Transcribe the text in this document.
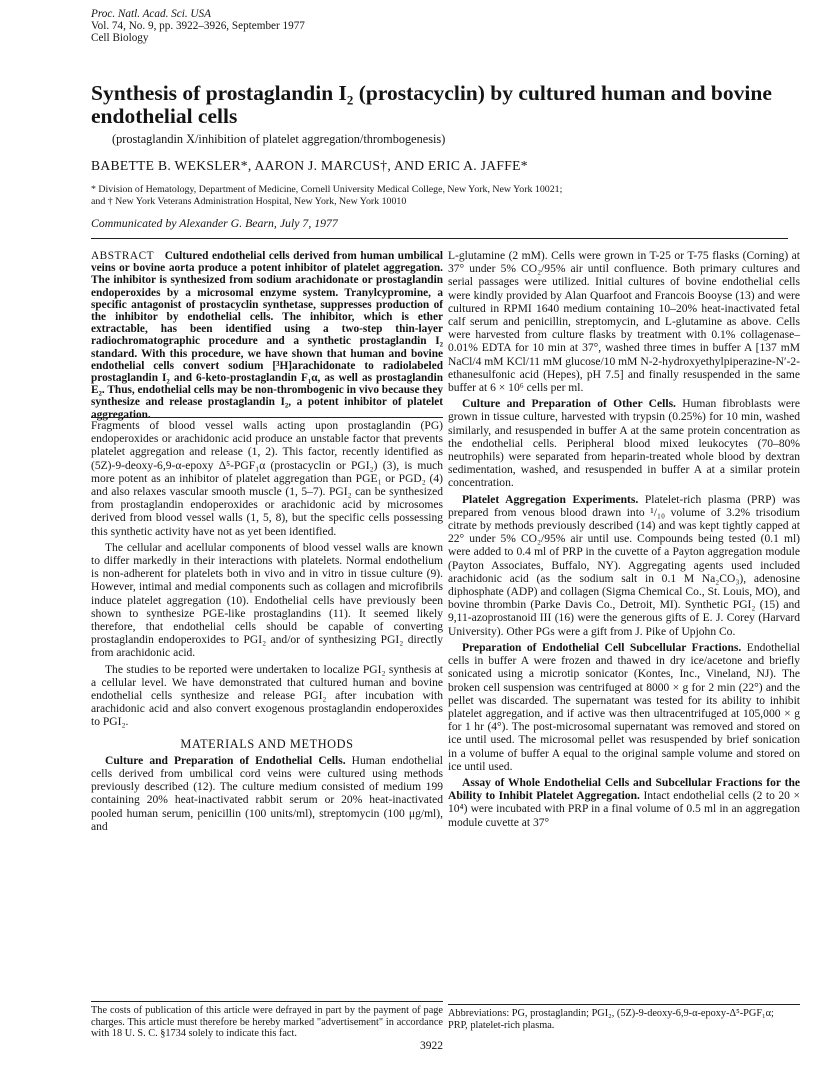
Proc. Natl. Acad. Sci. USA
Vol. 74, No. 9, pp. 3922–3926, September 1977
Cell Biology
Synthesis of prostaglandin I₂ (prostacyclin) by cultured human and bovine endothelial cells
(prostaglandin X/inhibition of platelet aggregation/thrombogenesis)
BABETTE B. WEKSLER*, AARON J. MARCUS†, AND ERIC A. JAFFE*
* Division of Hematology, Department of Medicine, Cornell University Medical College, New York, New York 10021;
and † New York Veterans Administration Hospital, New York, New York 10010
Communicated by Alexander G. Bearn, July 7, 1977
ABSTRACT Cultured endothelial cells derived from human umbilical veins or bovine aorta produce a potent inhibitor of platelet aggregation. The inhibitor is synthesized from sodium arachidonate or prostaglandin endoperoxides by a microsomal enzyme system. Tranylcypromine, a specific antagonist of prostacyclin synthetase, suppresses production of the inhibitor by endothelial cells. The inhibitor, which is ether extractable, has been identified using a two-step thin-layer radiochromatographic procedure and a synthetic prostaglandin I₂ standard. With this procedure, we have shown that human and bovine endothelial cells convert sodium [³H]arachidonate to radiolabeled prostaglandin I₂ and 6-keto-prostaglandin F₁α, as well as prostaglandin E₂. Thus, endothelial cells may be non-thrombogenic in vivo because they synthesize and release prostaglandin I₂, a potent inhibitor of platelet aggregation.

Fragments of blood vessel walls acting upon prostaglandin (PG) endoperoxides or arachidonic acid produce an unstable factor that prevents platelet aggregation and release (1, 2). This factor, recently identified as (5Z)-9-deoxy-6,9-α-epoxy Δ⁵-PGF₁α (prostacyclin or PGI₂) (3), is much more potent as an inhibitor of platelet aggregation than PGE₁ or PGD₂ (4) and also relaxes vascular smooth muscle (1, 5–7). PGI₂ can be synthesized from prostaglandin endoperoxides or arachidonic acid by microsomes derived from blood vessel walls (1, 5, 8), but the specific cells possessing this synthetic activity have not as yet been identified.

The cellular and acellular components of blood vessel walls are known to differ markedly in their interactions with platelets. Normal endothelium is non-adherent for platelets both in vivo and in vitro in tissue culture (9). However, intimal and medial components such as collagen and microfibrils induce platelet aggregation (10). Endothelial cells have previously been shown to synthesize PGE-like prostaglandins (11). It seemed likely therefore, that endothelial cells should be capable of converting prostaglandin endoperoxides to PGI₂ and/or of synthesizing PGI₂ directly from arachidonic acid.

The studies to be reported were undertaken to localize PGI₂ synthesis at a cellular level. We have demonstrated that cultured human and bovine endothelial cells synthesize and release PGI₂ after incubation with arachidonic acid and also convert exogenous prostaglandin endoperoxides to PGI₂.

MATERIALS AND METHODS

Culture and Preparation of Endothelial Cells. Human endothelial cells derived from umbilical cord veins were cultured using methods previously described (12). The culture medium consisted of medium 199 containing 20% heat-inactivated rabbit serum or 20% heat-inactivated pooled human serum, penicillin (100 units/ml), streptomycin (100 μg/ml), and

L-glutamine (2 mM). Cells were grown in T-25 or T-75 flasks (Corning) at 37° under 5% CO₂/95% air until confluence. Both primary cultures and serial passages were utilized. Initial cultures of bovine endothelial cells were kindly provided by Alan Quarfoot and Francois Booyse (13) and were cultured in RPMI 1640 medium containing 10–20% heat-inactivated fetal calf serum and penicillin, streptomycin, and L-glutamine as above. Cells were harvested from culture flasks by treatment with 0.1% collagenase–0.01% EDTA for 10 min at 37°, washed three times in buffer A [137 mM NaCl/4 mM KCl/11 mM glucose/10 mM N-2-hydroxyethylpiperazine-N′-2-ethanesulfonic acid (Hepes), pH 7.5] and finally resuspended in the same buffer at 6 × 10⁶ cells per ml.

Culture and Preparation of Other Cells. Human fibroblasts were grown in tissue culture, harvested with trypsin (0.25%) for 10 min, washed similarly, and resuspended in buffer A at the same protein concentration as the endothelial cells. Peripheral blood mixed leukocytes (70–80% neutrophils) were separated from heparin-treated whole blood by dextran sedimentation, washed, and resuspended in buffer A at a similar protein concentration.

Platelet Aggregation Experiments. Platelet-rich plasma (PRP) was prepared from venous blood drawn into ¹/₁₀ volume of 3.2% trisodium citrate by methods previously described (14) and was kept tightly capped at 22° under 5% CO₂/95% air until use. Compounds being tested (0.1 ml) were added to 0.4 ml of PRP in the cuvette of a Payton aggregation module (Payton Associates, Buffalo, NY). Aggregating agents used included arachidonic acid (as the sodium salt in 0.1 M Na₂CO₃), adenosine diphosphate (ADP) and collagen (Sigma Chemical Co., St. Louis, MO), and bovine thrombin (Parke Davis Co., Detroit, MI). Synthetic PGI₂ (15) and 9,11-azoprostanoid III (16) were the generous gifts of E. J. Corey (Harvard University). Other PGs were a gift from J. Pike of Upjohn Co.

Preparation of Endothelial Cell Subcellular Fractions. Endothelial cells in buffer A were frozen and thawed in dry ice/acetone and briefly sonicated using a microtip sonicator (Kontes, Inc., Vineland, NJ). The broken cell suspension was centrifuged at 8000 × g for 2 min (22°) and the pellet was discarded. The supernatant was tested for its ability to inhibit platelet aggregation, and if active was then ultracentrifuged at 105,000 × g for 1 hr (4°). The post-microsomal supernatant was removed and stored on ice until used. The microsomal pellet was resuspended by brief sonication in a volume of buffer A equal to the original sample volume and stored on ice until used.

Assay of Whole Endothelial Cells and Subcellular Fractions for the Ability to Inhibit Platelet Aggregation. Intact endothelial cells (2 to 20 × 10⁴) were incubated with PRP in a final volume of 0.5 ml in an aggregation module cuvette at 37°

The costs of publication of this article were defrayed in part by the payment of page charges. This article must therefore be hereby marked "advertisement" in accordance with 18 U. S. C. §1734 solely to indicate this fact.
Abbreviations: PG, prostaglandin; PGI₂, (5Z)-9-deoxy-6,9-α-epoxy-Δ⁵-PGF₁α; PRP, platelet-rich plasma.
3922
